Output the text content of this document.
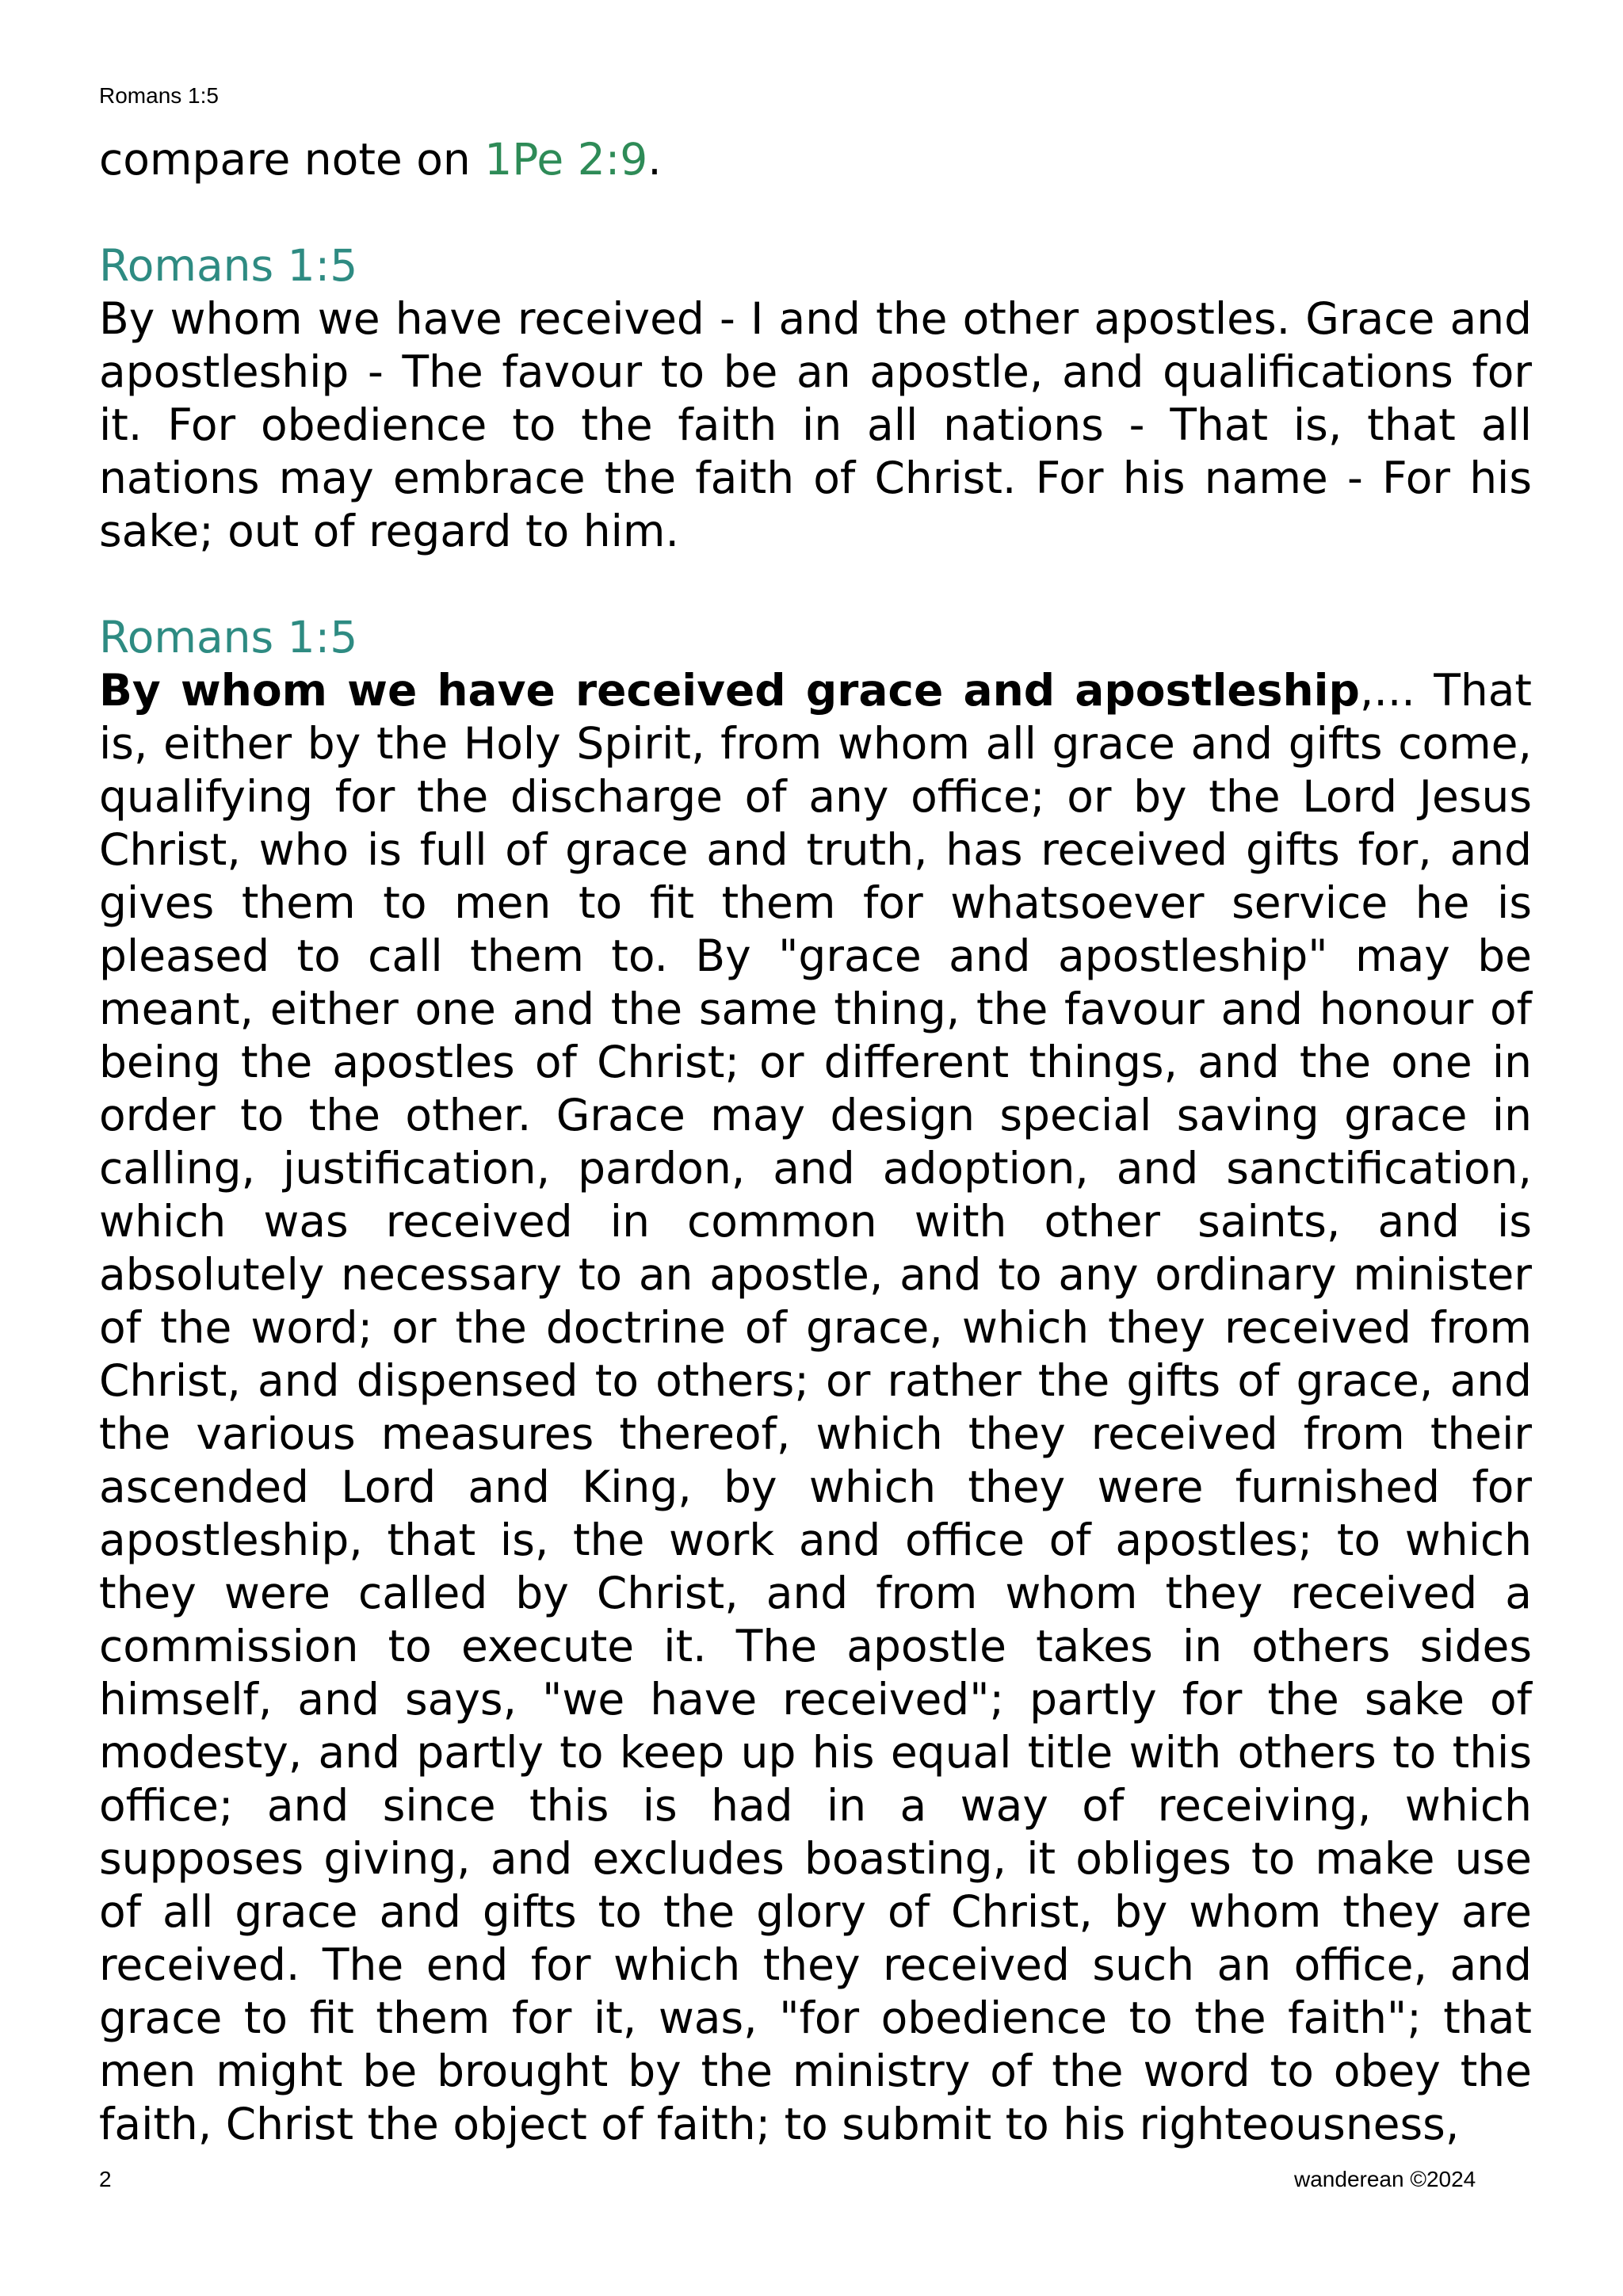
Romans 1:5

compare note on 1Pe 2:9.

Romans 1:5

By whom we have received - I and the other apostles. Grace and apostleship - The favour to be an apostle, and qualifications for it. For obedience to the faith in all nations - That is, that all nations may embrace the faith of Christ. For his name - For his sake; out of regard to him.

Romans 1:5

By whom we have received grace and apostleship,... That is, either by the Holy Spirit, from whom all grace and gifts come, qualifying for the discharge of any office; or by the Lord Jesus Christ, who is full of grace and truth, has received gifts for, and gives them to men to fit them for whatsoever service he is pleased to call them to. By "grace and apostleship" may be meant, either one and the same thing, the favour and honour of being the apostles of Christ; or different things, and the one in order to the other. Grace may design special saving grace in calling, justification, pardon, and adoption, and sanctification, which was received in common with other saints, and is absolutely necessary to an apostle, and to any ordinary minister of the word; or the doctrine of grace, which they received from Christ, and dispensed to others; or rather the gifts of grace, and the various measures thereof, which they received from their ascended Lord and King, by which they were furnished for apostleship, that is, the work and office of apostles; to which they were called by Christ, and from whom they received a commission to execute it. The apostle takes in others sides himself, and says, "we have received"; partly for the sake of modesty, and partly to keep up his equal title with others to this office; and since this is had in a way of receiving, which supposes giving, and excludes boasting, it obliges to make use of all grace and gifts to the glory of Christ, by whom they are received. The end for which they received such an office, and grace to fit them for it, was, "for obedience to the faith"; that men might be brought by the ministry of the word to obey the faith, Christ the object of faith; to submit to his righteousness,

2	wanderean ©2024
